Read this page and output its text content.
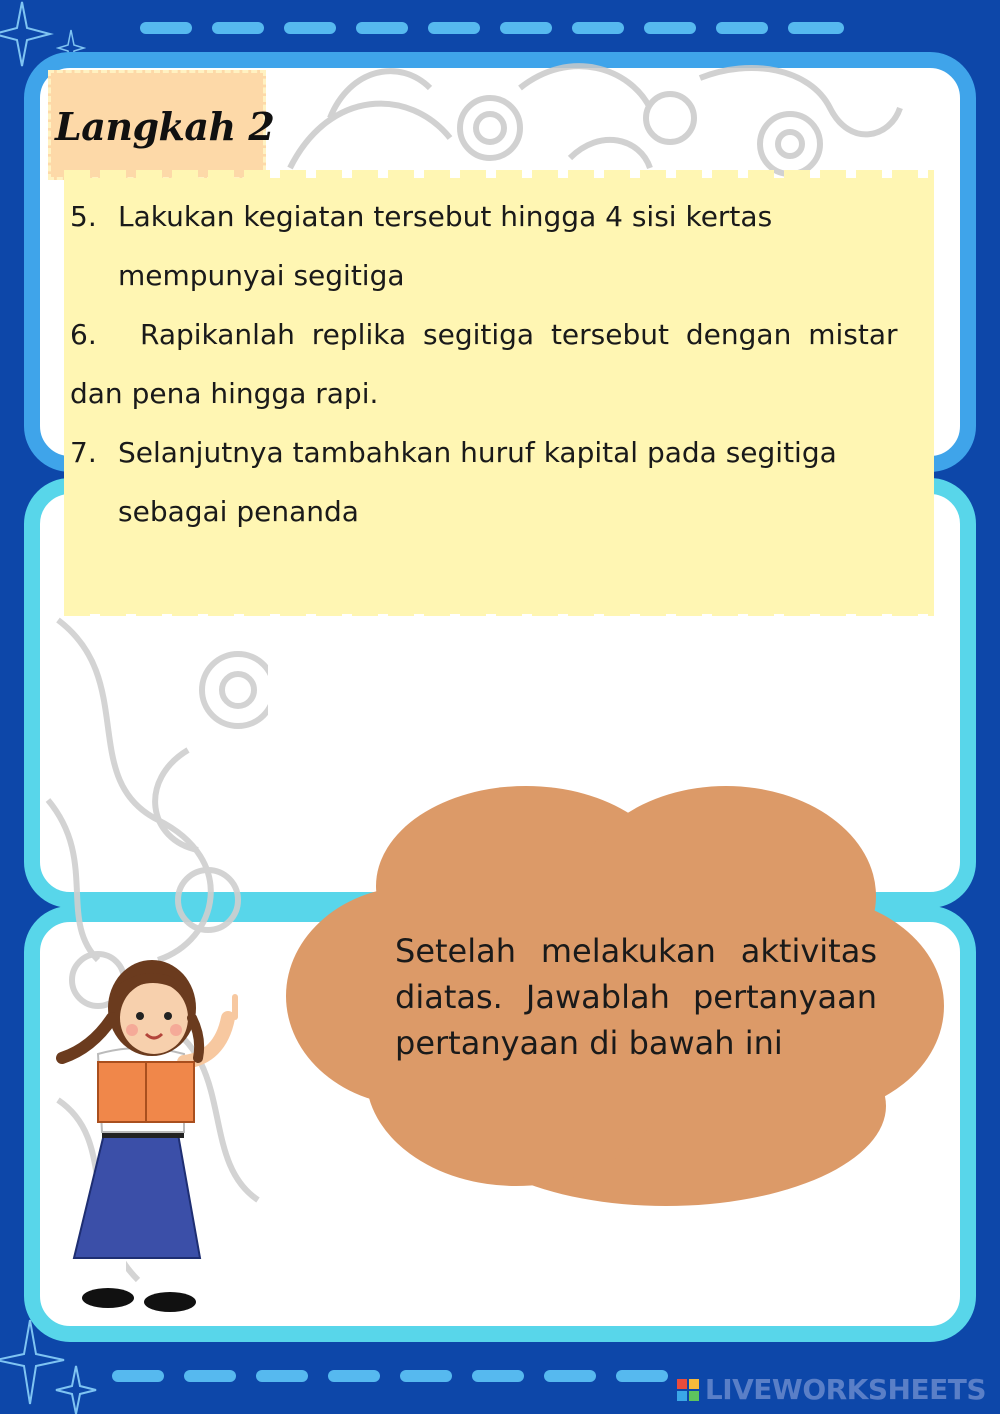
Langkah 2
5. Lakukan kegiatan tersebut hingga 4 sisi kertas
mempunyai segitiga
6. Rapikanlah replika segitiga tersebut dengan mistar
dan pena hingga rapi.
7. Selanjutnya tambahkan huruf kapital pada segitiga
sebagai penanda
Setelah melakukan aktivitas
diatas. Jawablah pertanyaan
pertanyaan di bawah ini
LIVEWORKSHEETS
